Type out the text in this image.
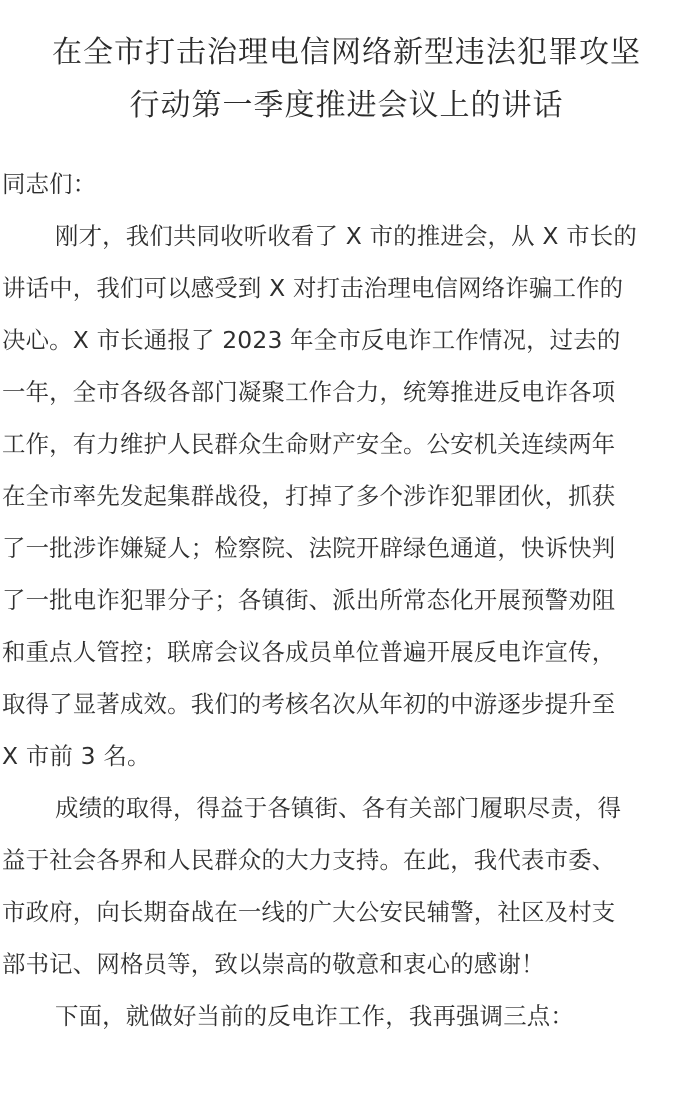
在全市打击治理电信网络新型违法犯罪攻坚
行动第一季度推进会议上的讲话
同志们：
刚才，我们共同收听收看了 X 市的推进会，从 X 市长的
讲话中，我们可以感受到 X 对打击治理电信网络诈骗工作的
决心。X 市长通报了 2023 年全市反电诈工作情况，过去的
一年，全市各级各部门凝聚工作合力，统筹推进反电诈各项
工作，有力维护人民群众生命财产安全。公安机关连续两年
在全市率先发起集群战役，打掉了多个涉诈犯罪团伙，抓获
了一批涉诈嫌疑人；检察院、法院开辟绿色通道，快诉快判
了一批电诈犯罪分子；各镇街、派出所常态化开展预警劝阻
和重点人管控；联席会议各成员单位普遍开展反电诈宣传，
取得了显著成效。我们的考核名次从年初的中游逐步提升至
X 市前 3 名。
成绩的取得，得益于各镇街、各有关部门履职尽责，得
益于社会各界和人民群众的大力支持。在此，我代表市委、
市政府，向长期奋战在一线的广大公安民辅警，社区及村支
部书记、网格员等，致以崇高的敬意和衷心的感谢！
下面，就做好当前的反电诈工作，我再强调三点：
